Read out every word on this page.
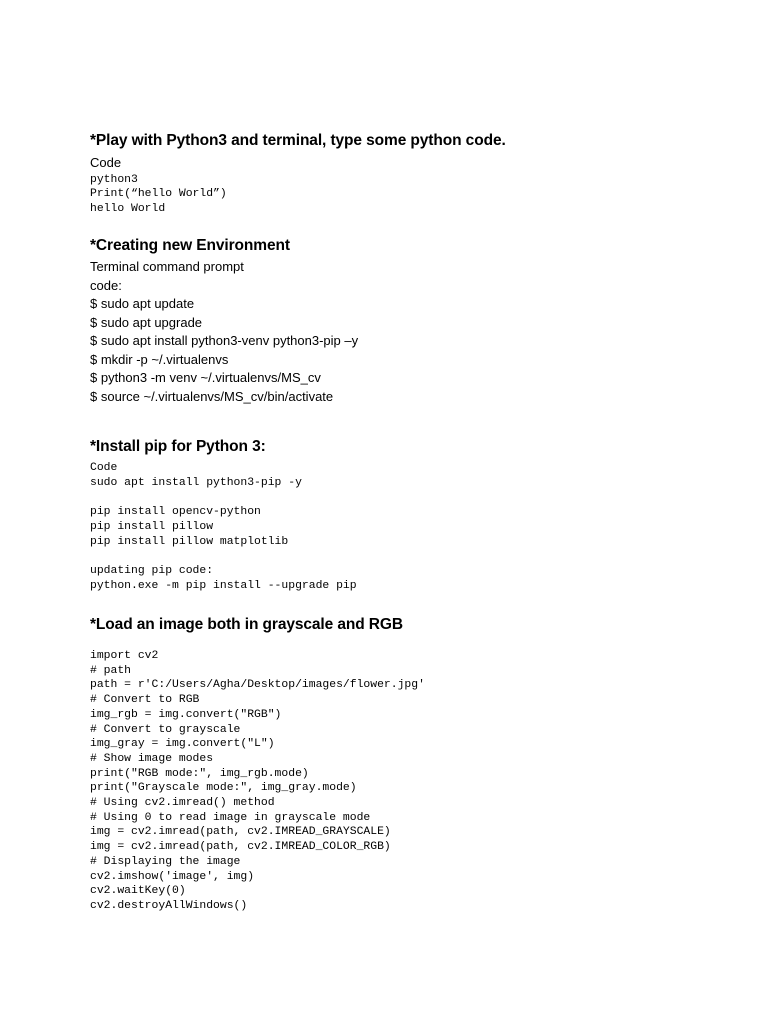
*Play with Python3 and terminal, type some python code.
Code
python3
Print(“hello World”)
hello World
*Creating new Environment
Terminal command prompt
code:
$ sudo apt update
$ sudo apt upgrade
$ sudo apt install python3-venv python3-pip –y
$ mkdir -p ~/.virtualenvs
$ python3 -m venv ~/.virtualenvs/MS_cv
$ source ~/.virtualenvs/MS_cv/bin/activate
*Install pip for Python 3:
Code
sudo apt install python3-pip -y
pip install opencv-python
pip install pillow
pip install pillow matplotlib
updating pip code:
python.exe -m pip install --upgrade pip
*Load an image both in grayscale and RGB
import cv2
# path
path = r'C:/Users/Agha/Desktop/images/flower.jpg'
# Convert to RGB
img_rgb = img.convert("RGB")
# Convert to grayscale
img_gray = img.convert("L")
# Show image modes
print("RGB mode:", img_rgb.mode)
print("Grayscale mode:", img_gray.mode)
# Using cv2.imread() method
# Using 0 to read image in grayscale mode
img = cv2.imread(path, cv2.IMREAD_GRAYSCALE)
img = cv2.imread(path, cv2.IMREAD_COLOR_RGB)
# Displaying the image
cv2.imshow('image', img)
cv2.waitKey(0)
cv2.destroyAllWindows()
